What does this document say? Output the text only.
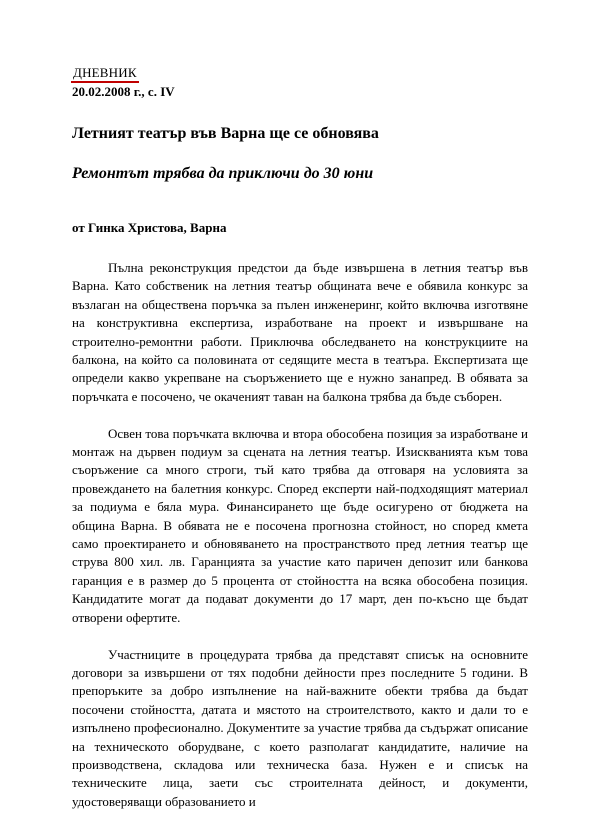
ДНЕВНИК
20.02.2008 г., с. IV
Летният театър във Варна ще се обновява
Ремонтът трябва да приключи до 30 юни
от Гинка Христова, Варна

Пълна реконструкция предстои да бъде извършена в летния театър във Варна. Като собственик на летния театър общината вече е обявила конкурс за възлаган на обществена поръчка за пълен инженеринг, който включва изготвяне на конструктивна експертиза, изработване на проект и извършване на строително-ремонтни работи. Приключва обследването на конструкциите на балкона, на който са половината от седящите места в театъра. Експертизата ще определи какво укрепване на съоръжението ще е нужно занапред. В обявата за поръчката е посочено, че окаченият таван на балкона трябва да бъде съборен.

Освен това поръчката включва и втора обособена позиция за изработване и монтаж на дървен подиум за сцената на летния театър. Изискванията към това съоръжение са много строги, тъй като трябва да отговаря на условията за провеждането на балетния конкурс. Според експерти най-подходящият материал за подиума е бяла мура. Финансирането ще бъде осигурено от бюджета на община Варна. В обявата не е посочена прогнозна стойност, но според кмета само проектирането и обновяването на пространството пред летния театър ще струва 800 хил. лв. Гаранцията за участие като паричен депозит или банкова гаранция е в размер до 5 процента от стойността на всяка обособена позиция. Кандидатите могат да подават документи до 17 март, ден по-късно ще бъдат отворени офертите.

Участниците в процедурата трябва да представят списък на основните договори за извършени от тях подобни дейности през последните 5 години. В препоръките за добро изпълнение на най-важните обекти трябва да бъдат посочени стойността, датата и мястото на строителството, както и дали то е изпълнено професионално. Документите за участие трябва да съдържат описание на техническото оборудване, с което разполагат кандидатите, наличие на производствена, складова или техническа база. Нужен е и списък на техническите лица, заети със строителната дейност, и документи, удостоверяващи образованието и
